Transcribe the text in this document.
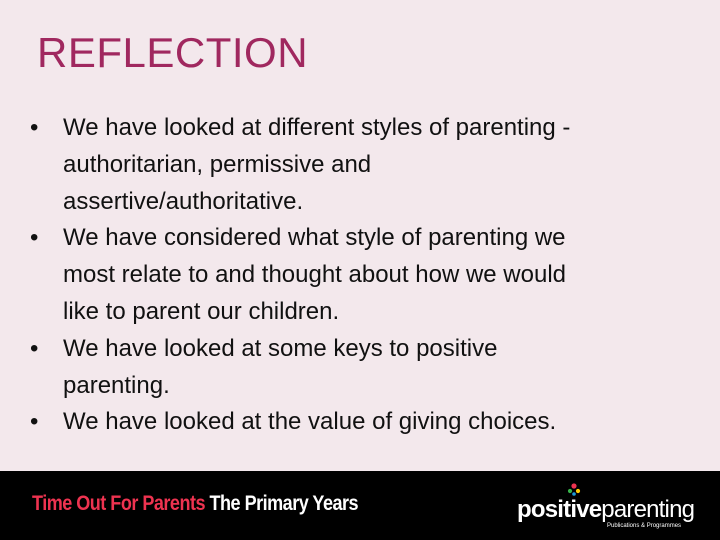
REFLECTION
•	We have looked at different styles of parenting -
authoritarian, permissive and
assertive/authoritative.
•	We have considered what style of parenting we
most relate to and thought about how we would
like to parent our children.
•	We have looked at some keys to positive
parenting.
•	We have looked at the value of giving choices.
Time Out For Parents The Primary Years	positiveparenting
Publications & Programmes
